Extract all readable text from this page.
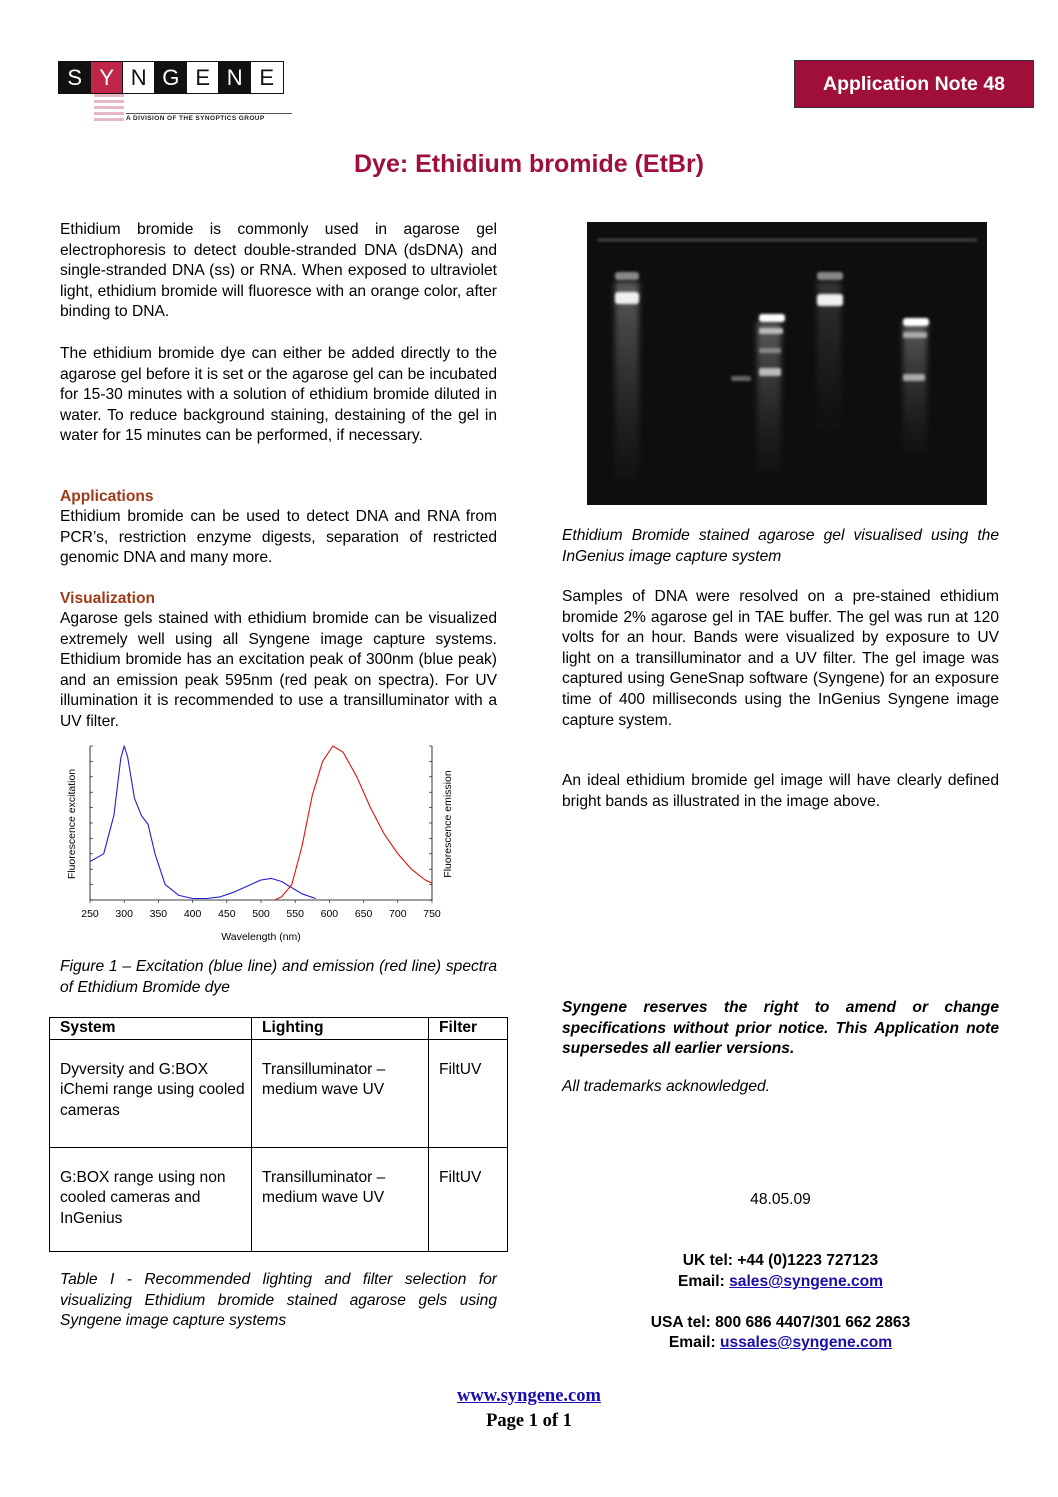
S Y N G E N E
A DIVISION OF THE SYNOPTICS GROUP
Application Note 48
Dye: Ethidium bromide (EtBr)
Ethidium bromide is commonly used in agarose gel electrophoresis to detect double-stranded DNA (dsDNA) and single-stranded DNA (ss) or RNA. When exposed to ultraviolet light, ethidium bromide will fluoresce with an orange color, after binding to DNA.
The ethidium bromide dye can either be added directly to the agarose gel before it is set or the agarose gel can be incubated for 15-30 minutes with a solution of ethidium bromide diluted in water. To reduce background staining, destaining of the gel in water for 15 minutes can be performed, if necessary.
Applications
Ethidium bromide can be used to detect DNA and RNA from PCR’s, restriction enzyme digests, separation of restricted genomic DNA and many more.
Visualization
Agarose gels stained with ethidium bromide can be visualized extremely well using all Syngene image capture systems. Ethidium bromide has an excitation peak of 300nm (blue peak) and an emission peak 595nm (red peak on spectra). For UV illumination it is recommended to use a transilluminator with a UV filter.
250 300 350 400 450 500 550 600 650 700 750
Wavelength (nm)
Fluorescence excitation	Fluorescence emission
Figure 1 – Excitation (blue line) and emission (red line) spectra of Ethidium Bromide dye
System	Lighting	Filter
Dyversity and G:BOX iChemi range using cooled cameras	Transilluminator – medium wave UV	FiltUV
G:BOX range using non cooled cameras and InGenius	Transilluminator – medium wave UV	FiltUV
Table I - Recommended lighting and filter selection for visualizing Ethidium bromide stained agarose gels using Syngene image capture systems
Ethidium Bromide stained agarose gel visualised using the InGenius image capture system
Samples of DNA were resolved on a pre-stained ethidium bromide 2% agarose gel in TAE buffer. The gel was run at 120 volts for an hour. Bands were visualized by exposure to UV light on a transilluminator and a UV filter. The gel image was captured using GeneSnap software (Syngene) for an exposure time of 400 milliseconds using the InGenius Syngene image capture system.
An ideal ethidium bromide gel image will have clearly defined bright bands as illustrated in the image above.
Syngene reserves the right to amend or change specifications without prior notice. This Application note supersedes all earlier versions.
All trademarks acknowledged.
48.05.09
UK tel: +44 (0)1223 727123
Email: sales@syngene.com
USA tel: 800 686 4407/301 662 2863
Email: ussales@syngene.com
www.syngene.com
Page 1 of 1
